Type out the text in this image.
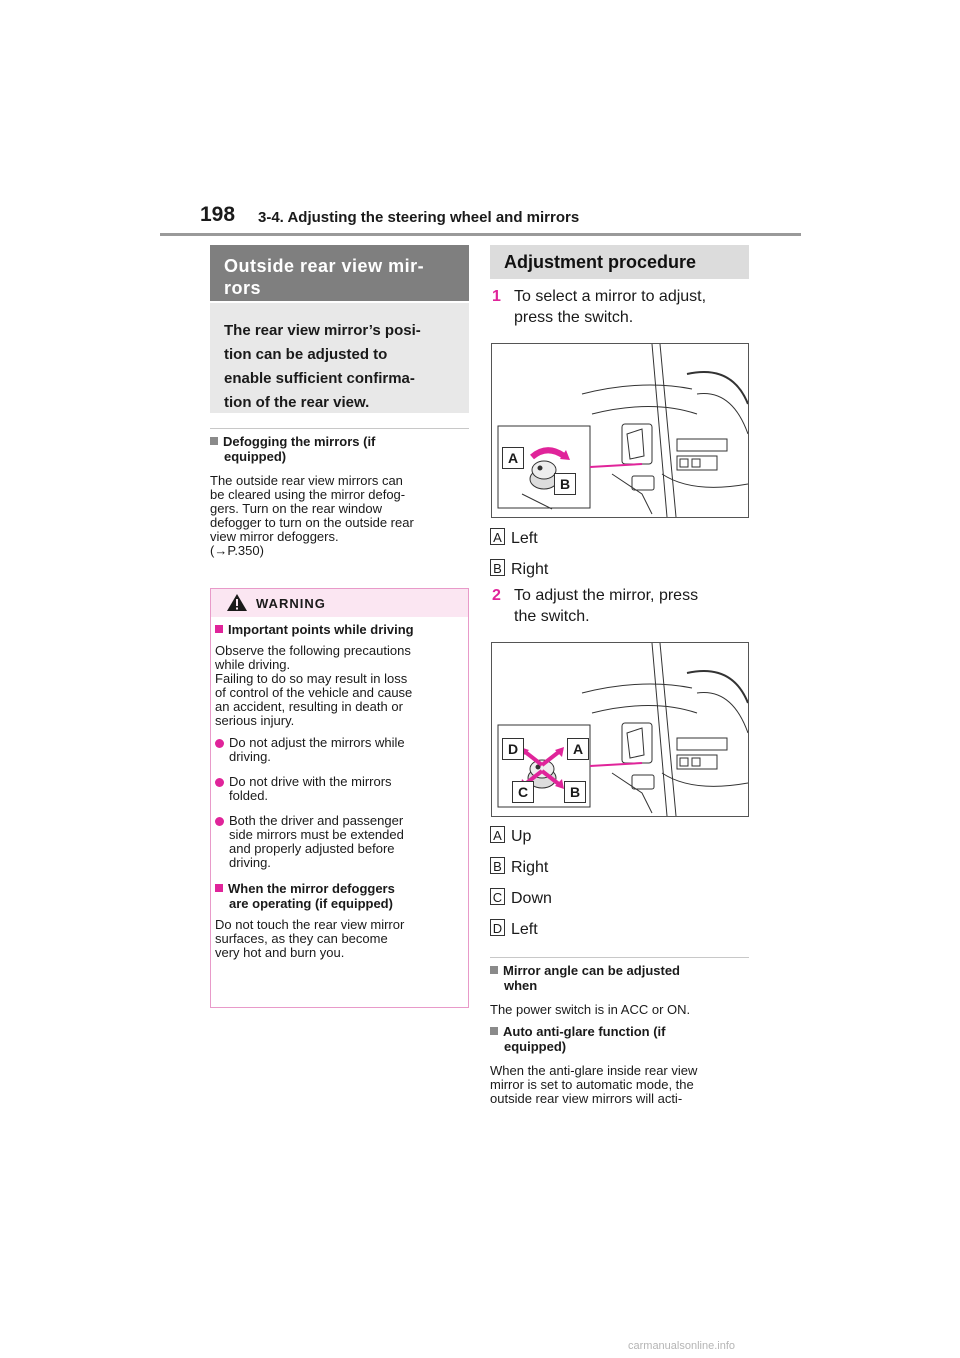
198 3-4. Adjusting the steering wheel and mirrors
Outside rear view mir-
rors
The rear view mirror’s posi-
tion can be adjusted to
enable sufficient confirma-
tion of the rear view.
Defogging the mirrors (if
equipped)
The outside rear view mirrors can
be cleared using the mirror defog-
gers. Turn on the rear window
defogger to turn on the outside rear
view mirror defoggers.
(→P.350)
WARNING
Important points while driving
Observe the following precautions
while driving.
Failing to do so may result in loss
of control of the vehicle and cause
an accident, resulting in death or
serious injury.
Do not adjust the mirrors while
driving.
Do not drive with the mirrors
folded.
Both the driver and passenger
side mirrors must be extended
and properly adjusted before
driving.
When the mirror defoggers
are operating (if equipped)
Do not touch the rear view mirror
surfaces, as they can become
very hot and burn you.
Adjustment procedure
1 To select a mirror to adjust,
press the switch.
A
B
A Left
B Right
2 To adjust the mirror, press
the switch.
D	A
C	B
A Up
B Right
C Down
D Left
Mirror angle can be adjusted
when
The power switch is in ACC or ON.
Auto anti-glare function (if
equipped)
When the anti-glare inside rear view
mirror is set to automatic mode, the
outside rear view mirrors will acti-
carmanualsonline.info
